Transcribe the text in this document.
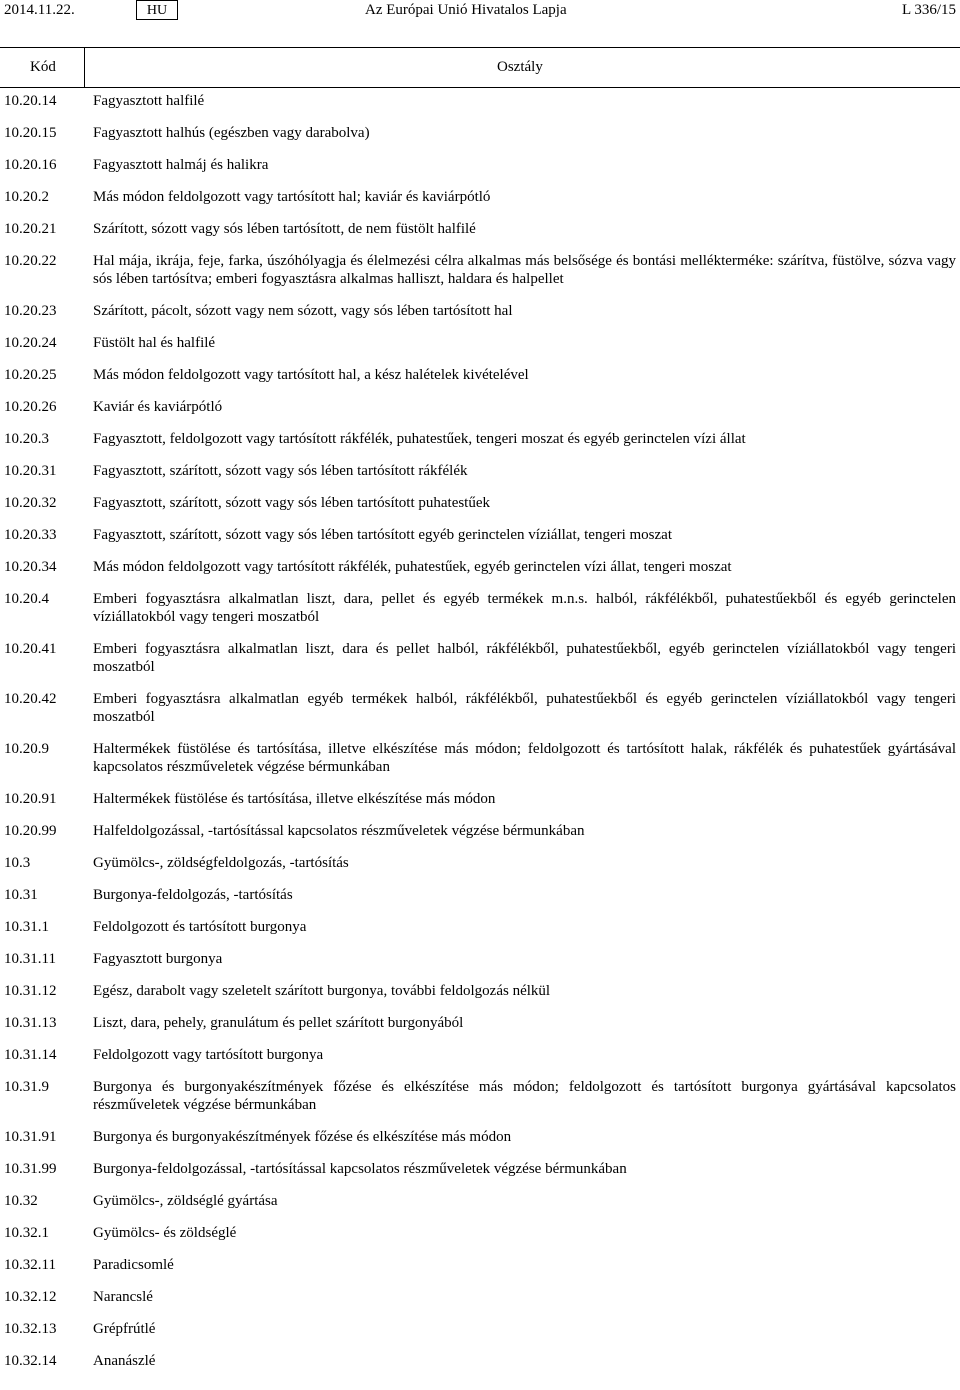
2014.11.22.	HU	Az Európai Unió Hivatalos Lapja	L 336/15
Kód	Osztály
10.20.14	Fagyasztott halfilé
10.20.15	Fagyasztott halhús (egészben vagy darabolva)
10.20.16	Fagyasztott halmáj és halikra
10.20.2	Más módon feldolgozott vagy tartósított hal; kaviár és kaviárpótló
10.20.21	Szárított, sózott vagy sós lében tartósított, de nem füstölt halfilé
10.20.22	Hal mája, ikrája, feje, farka, úszóhólyagja és élelmezési célra alkalmas más belsősége és bontási mellékterméke: szárítva, füstölve, sózva vagy sós lében tartósítva; emberi fogyasztásra alkalmas halliszt, haldara és halpellet
10.20.23	Szárított, pácolt, sózott vagy nem sózott, vagy sós lében tartósított hal
10.20.24	Füstölt hal és halfilé
10.20.25	Más módon feldolgozott vagy tartósított hal, a kész halételek kivételével
10.20.26	Kaviár és kaviárpótló
10.20.3	Fagyasztott, feldolgozott vagy tartósított rákfélék, puhatestűek, tengeri moszat és egyéb gerinctelen vízi állat
10.20.31	Fagyasztott, szárított, sózott vagy sós lében tartósított rákfélék
10.20.32	Fagyasztott, szárított, sózott vagy sós lében tartósított puhatestűek
10.20.33	Fagyasztott, szárított, sózott vagy sós lében tartósított egyéb gerinctelen víziállat, tengeri moszat
10.20.34	Más módon feldolgozott vagy tartósított rákfélék, puhatestűek, egyéb gerinctelen vízi állat, tengeri moszat
10.20.4	Emberi fogyasztásra alkalmatlan liszt, dara, pellet és egyéb termékek m.n.s. halból, rákfélékből, puhatestűekből és egyéb gerinctelen víziállatokból vagy tengeri moszatból
10.20.41	Emberi fogyasztásra alkalmatlan liszt, dara és pellet halból, rákfélékből, puhatestűekből, egyéb gerinctelen víziállatokból vagy tengeri moszatból
10.20.42	Emberi fogyasztásra alkalmatlan egyéb termékek halból, rákfélékből, puhatestűekből és egyéb gerinctelen víziállatokból vagy tengeri moszatból
10.20.9	Haltermékek füstölése és tartósítása, illetve elkészítése más módon; feldolgozott és tartósított halak, rákfélék és puhatestűek gyártásával kapcsolatos részműveletek végzése bérmunkában
10.20.91	Haltermékek füstölése és tartósítása, illetve elkészítése más módon
10.20.99	Halfeldolgozással, -tartósítással kapcsolatos részműveletek végzése bérmunkában
10.3	Gyümölcs-, zöldségfeldolgozás, -tartósítás
10.31	Burgonya-feldolgozás, -tartósítás
10.31.1	Feldolgozott és tartósított burgonya
10.31.11	Fagyasztott burgonya
10.31.12	Egész, darabolt vagy szeletelt szárított burgonya, további feldolgozás nélkül
10.31.13	Liszt, dara, pehely, granulátum és pellet szárított burgonyából
10.31.14	Feldolgozott vagy tartósított burgonya
10.31.9	Burgonya és burgonyakészítmények főzése és elkészítése más módon; feldolgozott és tartósított burgonya gyártásával kapcsolatos részműveletek végzése bérmunkában
10.31.91	Burgonya és burgonyakészítmények főzése és elkészítése más módon
10.31.99	Burgonya-feldolgozással, -tartósítással kapcsolatos részműveletek végzése bérmunkában
10.32	Gyümölcs-, zöldséglé gyártása
10.32.1	Gyümölcs- és zöldséglé
10.32.11	Paradicsomlé
10.32.12	Narancslé
10.32.13	Grépfrútlé
10.32.14	Ananászlé
